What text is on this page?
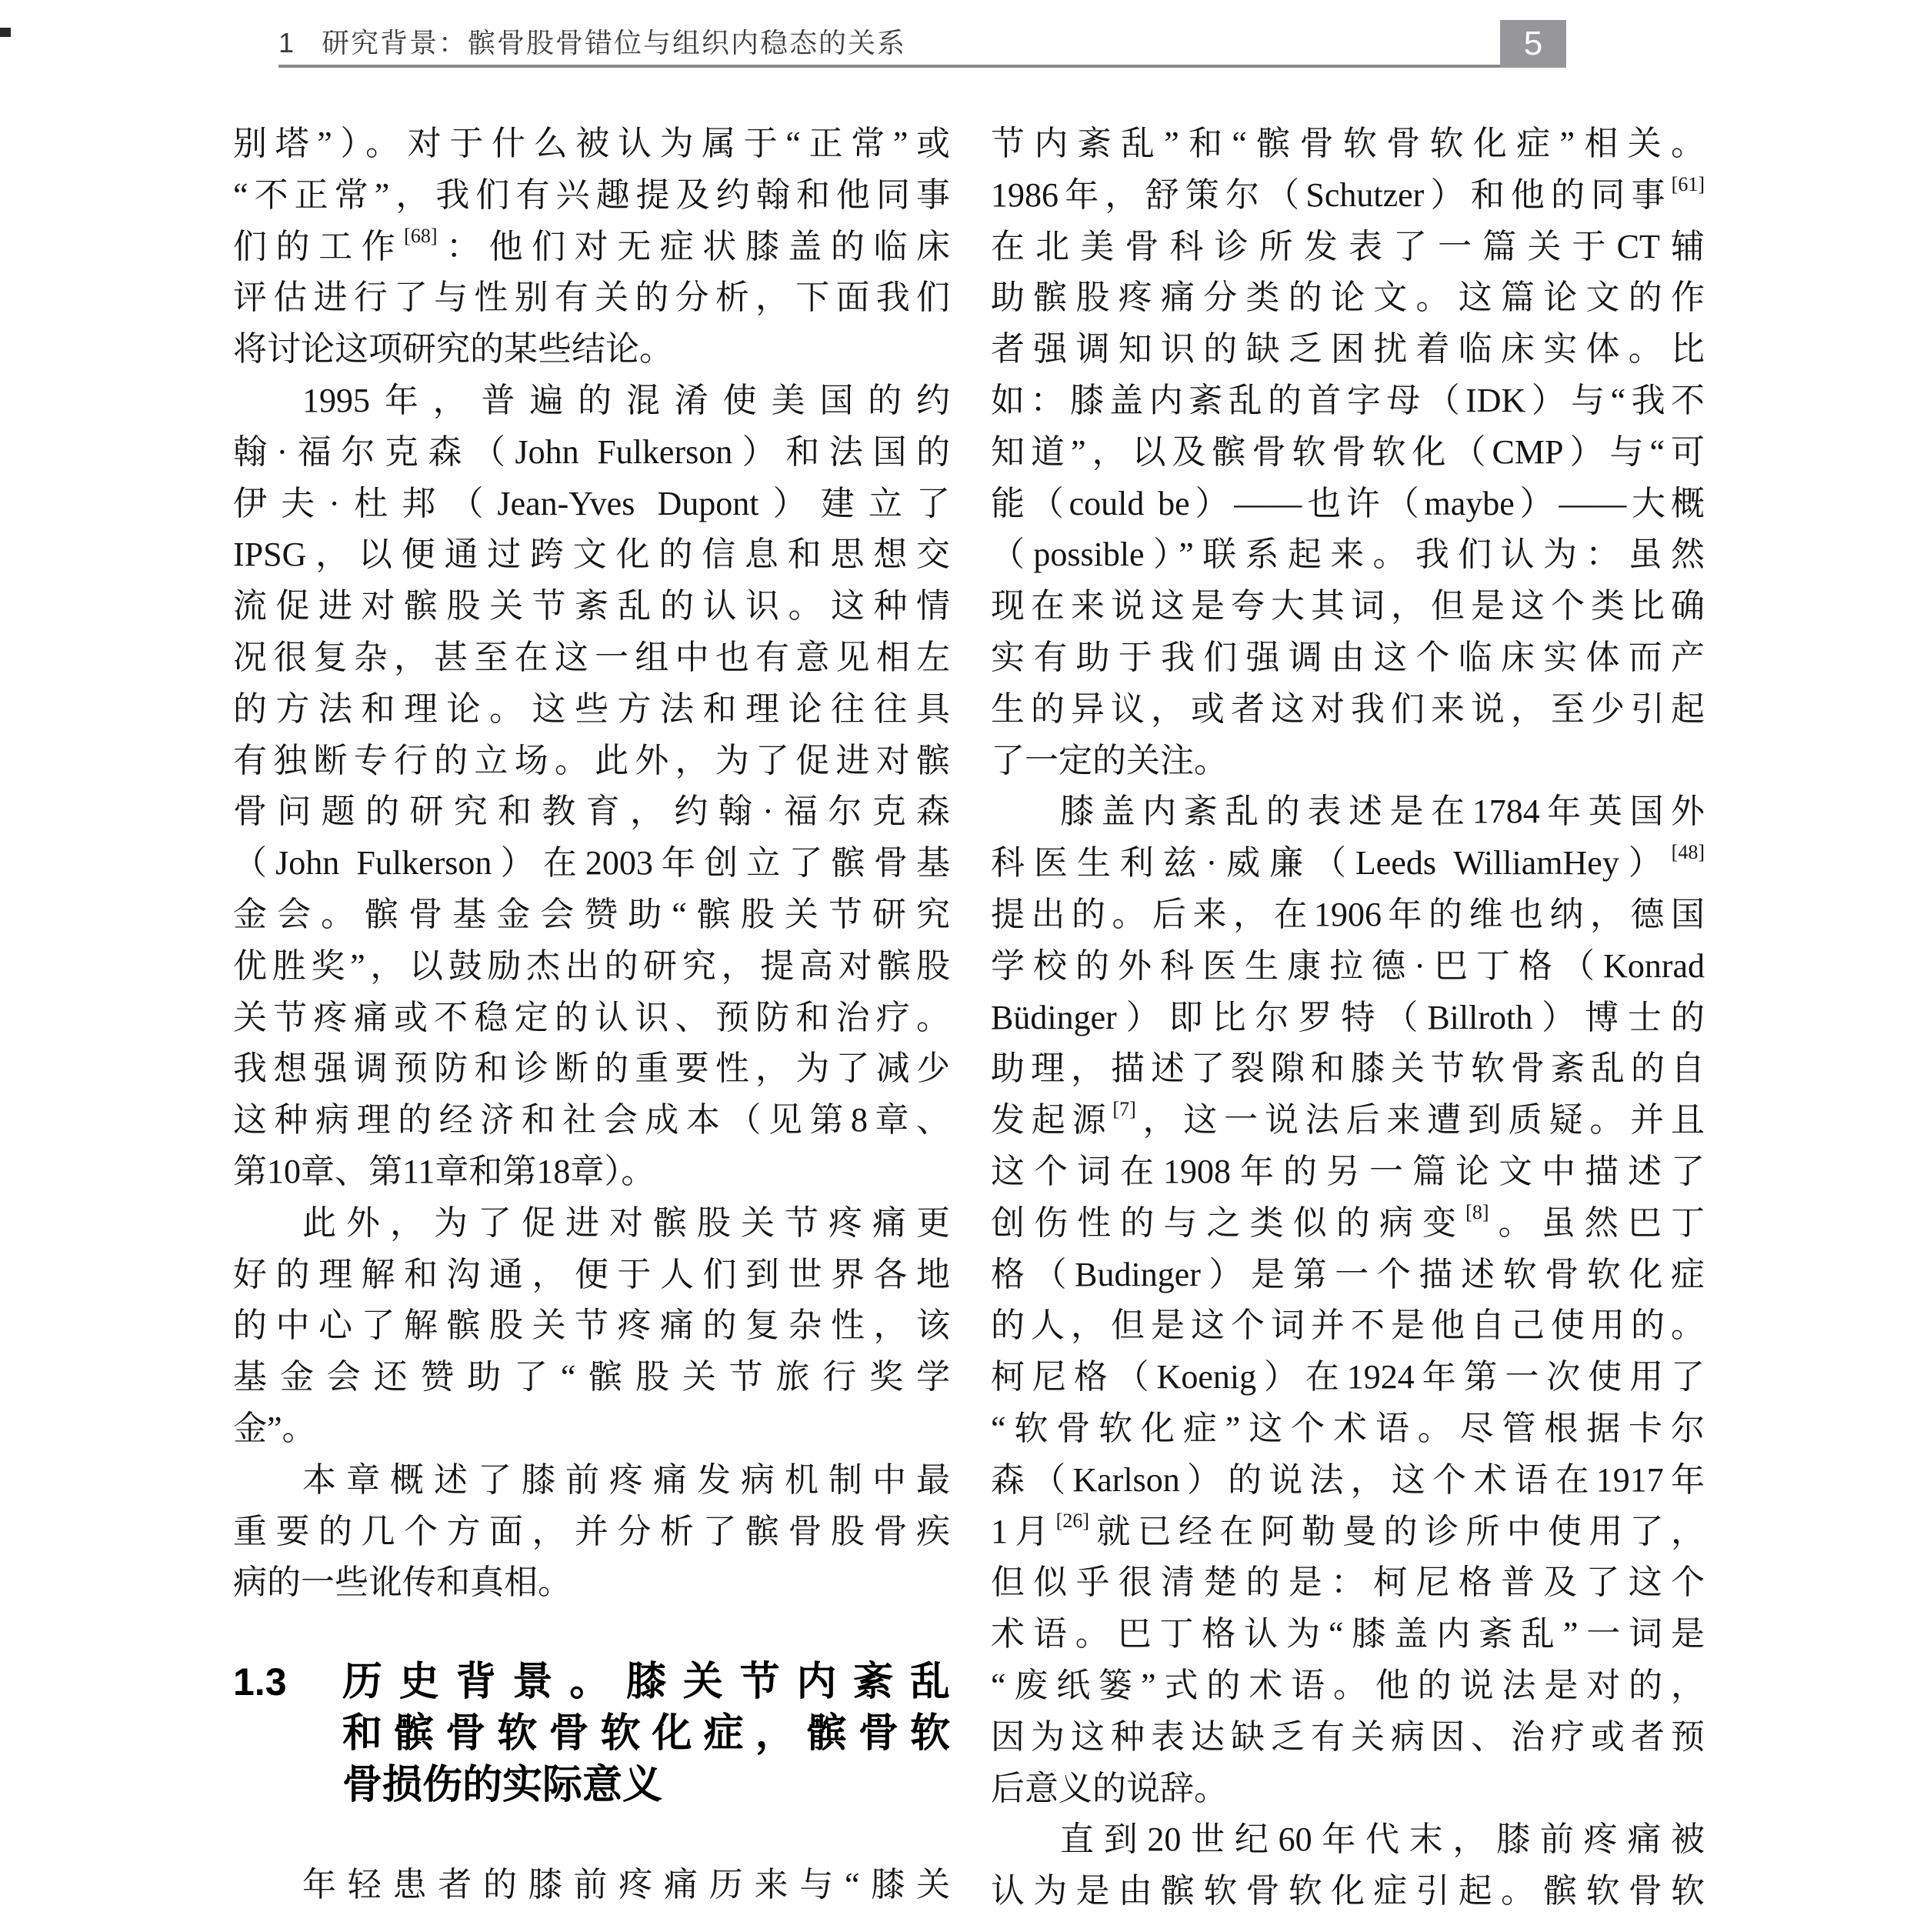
1 研究背景：髌骨股骨错位与组织内稳态的关系	5
别塔”）。对于什么被认为属于“正常”或
“不正常”，我们有兴趣提及约翰和他同事
们的工作[68]：他们对无症状膝盖的临床
评估进行了与性别有关的分析，下面我们
将讨论这项研究的某些结论。
1995年，普遍的混淆使美国的约
翰·福尔克森（John Fulkerson）和法国的
伊夫·杜邦（Jean-Yves Dupont）建立了
IPSG，以便通过跨文化的信息和思想交
流促进对髌股关节紊乱的认识。这种情
况很复杂，甚至在这一组中也有意见相左
的方法和理论。这些方法和理论往往具
有独断专行的立场。此外，为了促进对髌
骨问题的研究和教育，约翰·福尔克森
（John Fulkerson）在2003年创立了髌骨基
金会。髌骨基金会赞助“髌股关节研究
优胜奖”，以鼓励杰出的研究，提高对髌股
关节疼痛或不稳定的认识、预防和治疗。
我想强调预防和诊断的重要性，为了减少
这种病理的经济和社会成本（见第8章、
第10章、第11章和第18章）。
此外，为了促进对髌股关节疼痛更
好的理解和沟通，便于人们到世界各地
的中心了解髌股关节疼痛的复杂性，该
基金会还赞助了“髌股关节旅行奖学
金”。
本章概述了膝前疼痛发病机制中最
重要的几个方面，并分析了髌骨股骨疾
病的一些讹传和真相。
1.3 历史背景。膝关节内紊乱
和髌骨软骨软化症，髌骨软
骨损伤的实际意义
年轻患者的膝前疼痛历来与“膝关
节内紊乱”和“髌骨软骨软化症”相关。
1986年，舒策尔（Schutzer）和他的同事[61]
在北美骨科诊所发表了一篇关于CT辅
助髌股疼痛分类的论文。这篇论文的作
者强调知识的缺乏困扰着临床实体。比
如：膝盖内紊乱的首字母（IDK）与“我不
知道”，以及髌骨软骨软化（CMP）与“可
能（could be）——也许（maybe）——大概
（possible）”联系起来。我们认为：虽然
现在来说这是夸大其词，但是这个类比确
实有助于我们强调由这个临床实体而产
生的异议，或者这对我们来说，至少引起
了一定的关注。
膝盖内紊乱的表述是在1784年英国外
科医生利兹·威廉（Leeds WilliamHey）[48]
提出的。后来，在1906年的维也纳，德国
学校的外科医生康拉德·巴丁格（Konrad
Büdinger）即比尔罗特（Billroth）博士的
助理，描述了裂隙和膝关节软骨紊乱的自
发起源[7]，这一说法后来遭到质疑。并且
这个词在1908年的另一篇论文中描述了
创伤性的与之类似的病变[8]。虽然巴丁
格（Budinger）是第一个描述软骨软化症
的人，但是这个词并不是他自己使用的。
柯尼格（Koenig）在1924年第一次使用了
“软骨软化症”这个术语。尽管根据卡尔
森（Karlson）的说法，这个术语在1917年
1月[26]就已经在阿勒曼的诊所中使用了，
但似乎很清楚的是：柯尼格普及了这个
术语。巴丁格认为“膝盖内紊乱”一词是
“废纸篓”式的术语。他的说法是对的，
因为这种表达缺乏有关病因、治疗或者预
后意义的说辞。
直到20世纪60年代末，膝前疼痛被
认为是由髌软骨软化症引起。髌软骨软
